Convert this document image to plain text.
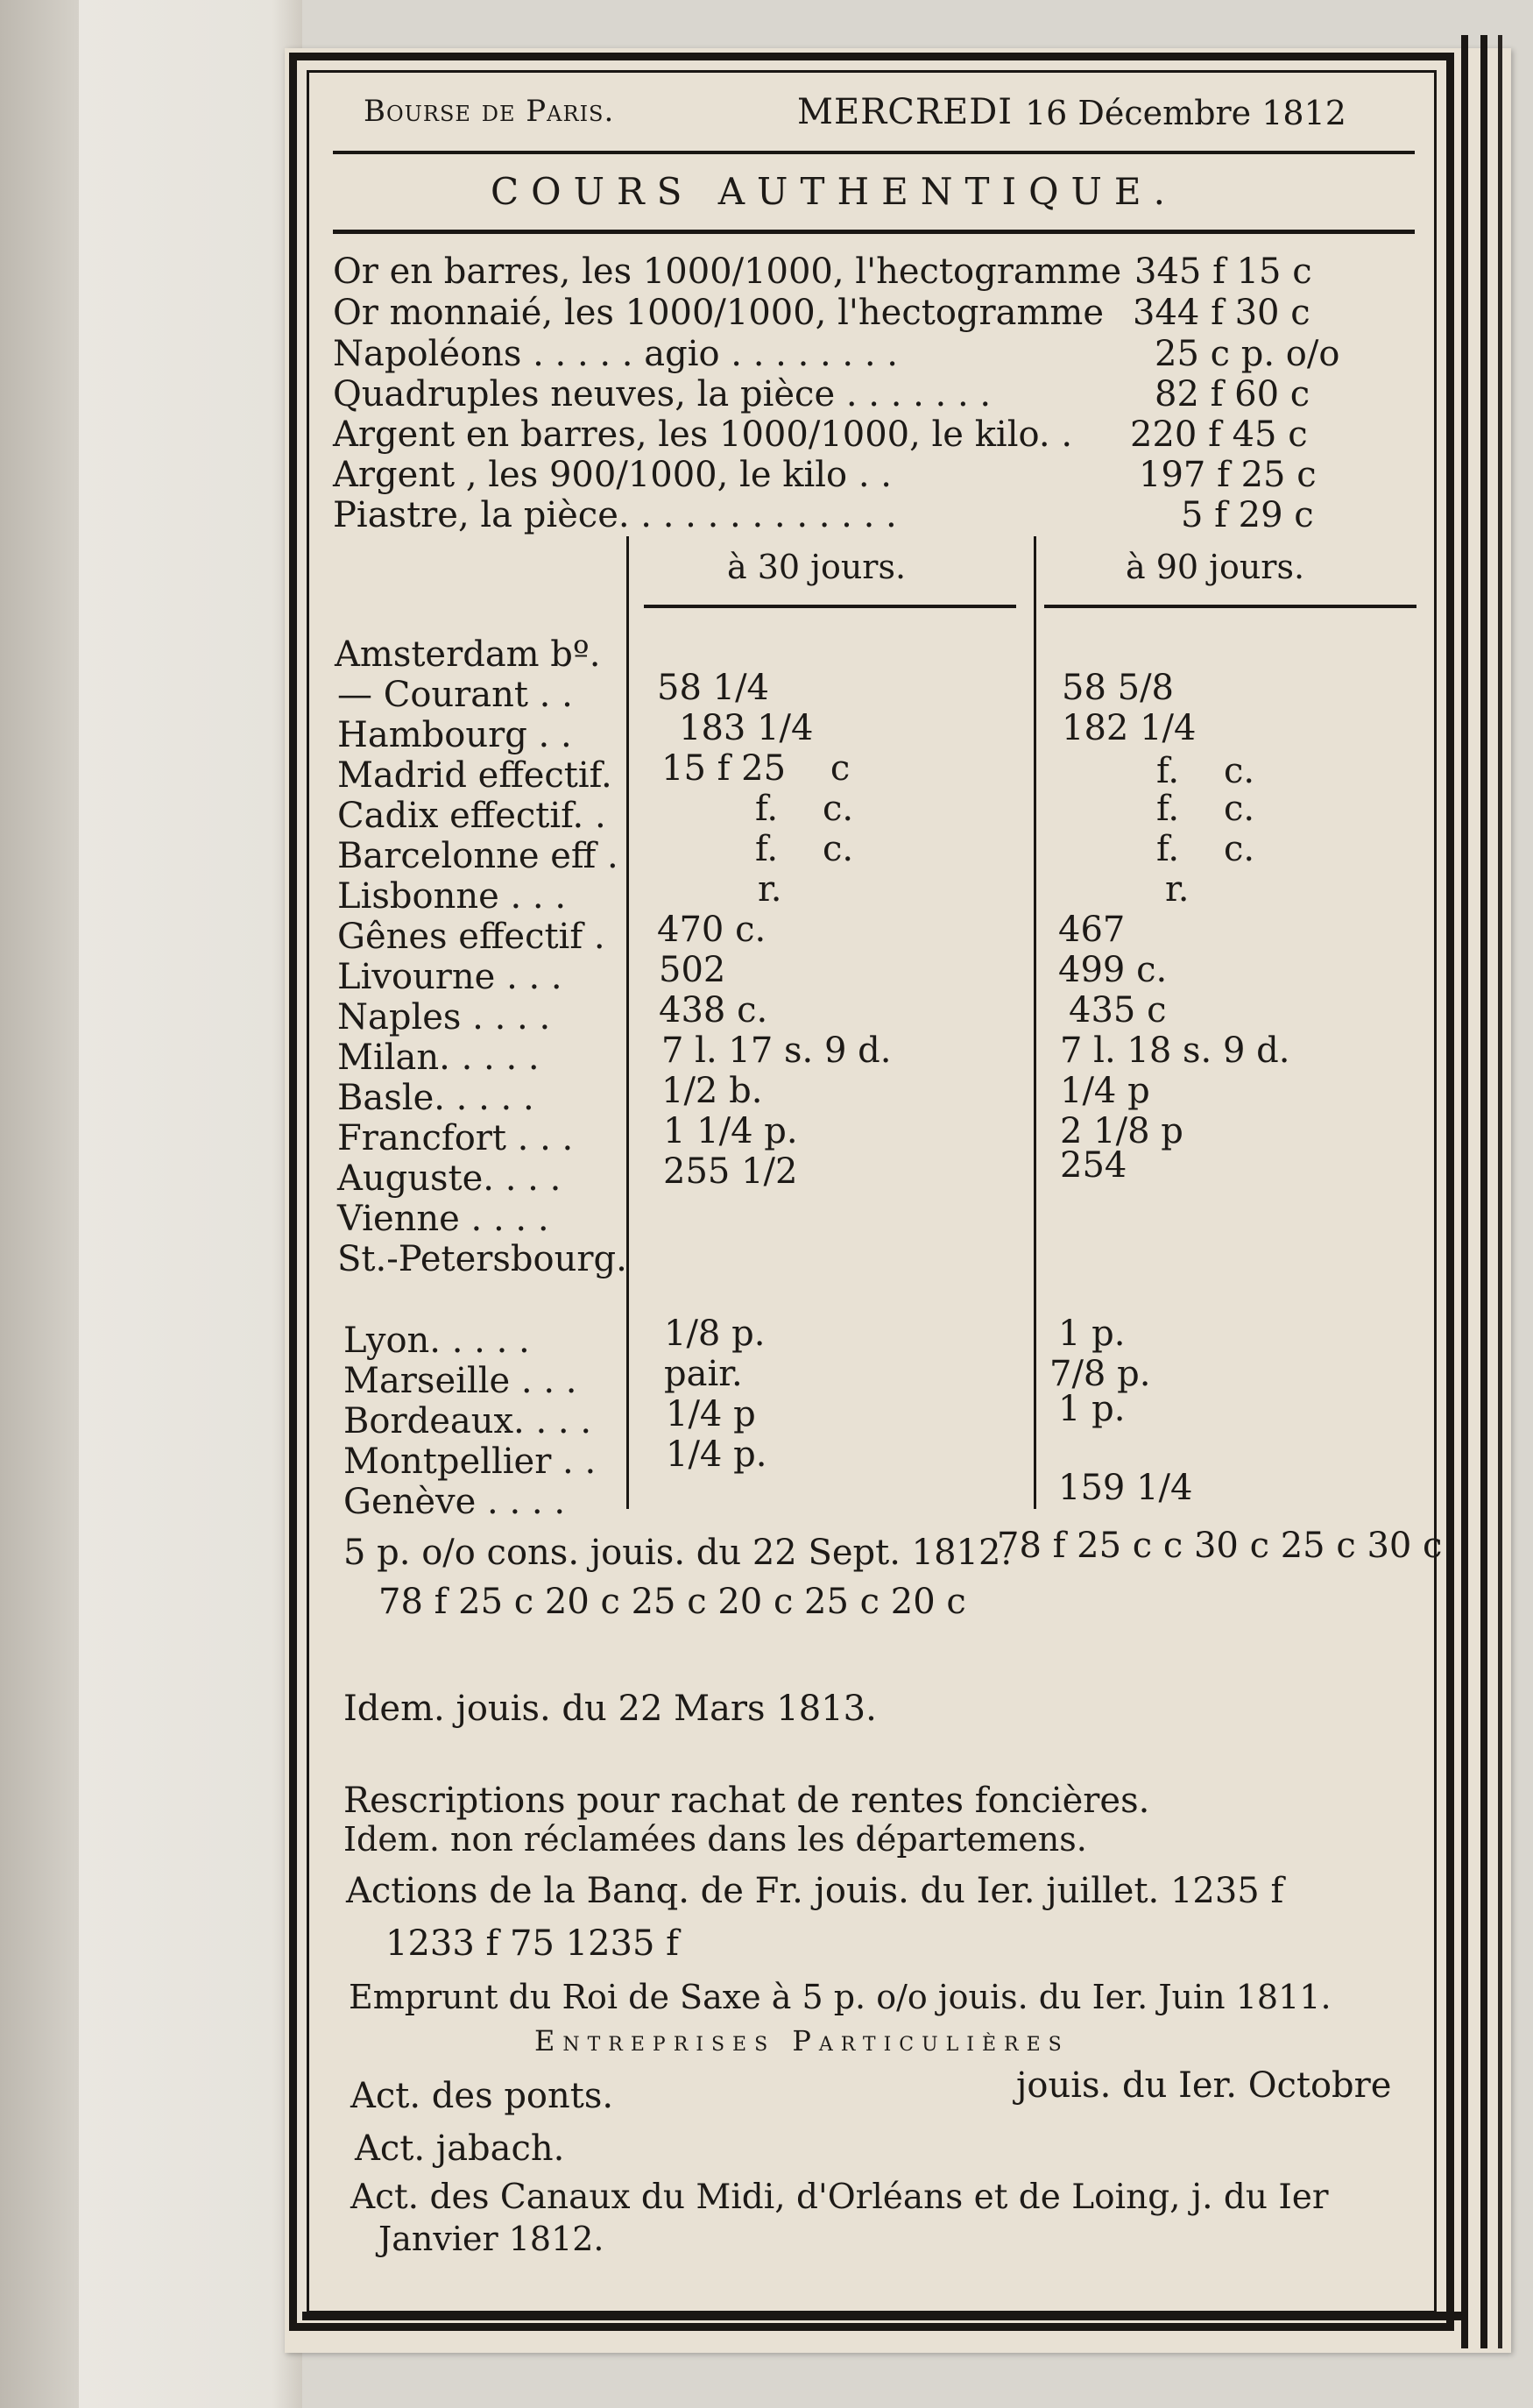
Bourse de Paris.	MERCREDI 16 Décembre 1812
COURS AUTHENTIQUE.
Or en barres, les 1000/1000, l'hectogramme 345 f 15 c
Or monnaié, les 1000/1000, l'hectogramme 344 f 30 c
Napoléons . . . . . agio . . . . . . . .	25 c p. o/o
Quadruples neuves, la pièce . . . . . . .	82 f 60 c
Argent en barres, les 1000/1000, le kilo. . 220 f 45 c
Argent , les 900/1000, le kilo . .	197 f 25 c
Piastre, la pièce. . . . . . . . . . . . .	5 f 29 c
à 30 jours.	à 90 jours.
Amsterdam bº.
— Courant . . 58 1/4	58 5/8
Hambourg . .	183 1/4	182 1/4
Madrid effectif. 15 f 25    c	f.    c.
Cadix effectif. .	f.    c.	f.    c.
Barcelonne eff .	f.    c.	f.    c.
Lisbonne . . .	r.	r.
Gênes effectif . 470 c.	467
Livourne . . .	502	499 c.
Naples . . . .	438 c.	435 c
Milan. . . . .	7 l. 17 s. 9 d.	7 l. 18 s. 9 d.
Basle. . . . .	1/2 b.	1/4 p
Francfort . . .	1 1/4 p.	2 1/8 p
Auguste. . . .	255 1/2	254
Vienne . . . .
St.-Petersbourg.
Lyon. . . . .	1/8 p.	1 p.
Marseille . . . pair.	7/8 p.
Bordeaux. . . . 1/4 p	1 p.
Montpellier . . 1/4 p.
Genève . . . .	159 1/4
5 p. o/o cons. jouis. du 22 Sept. 1812.
78 f 25 c c 30 c 25 c 30 c
78 f 25 c 20 c 25 c 20 c 25 c 20 c
Idem. jouis. du 22 Mars 1813.
Rescriptions pour rachat de rentes foncières.
Idem. non réclamées dans les départemens.
Actions de la Banq. de Fr. jouis. du Ier. juillet. 1235 f
1233 f 75 1235 f
Emprunt du Roi de Saxe à 5 p. o/o jouis. du Ier. Juin 1811.
Entreprises Particulières
Act. des ponts.	jouis. du Ier. Octobre
Act. jabach.
Act. des Canaux du Midi, d'Orléans et de Loing, j. du Ier
Janvier 1812.
